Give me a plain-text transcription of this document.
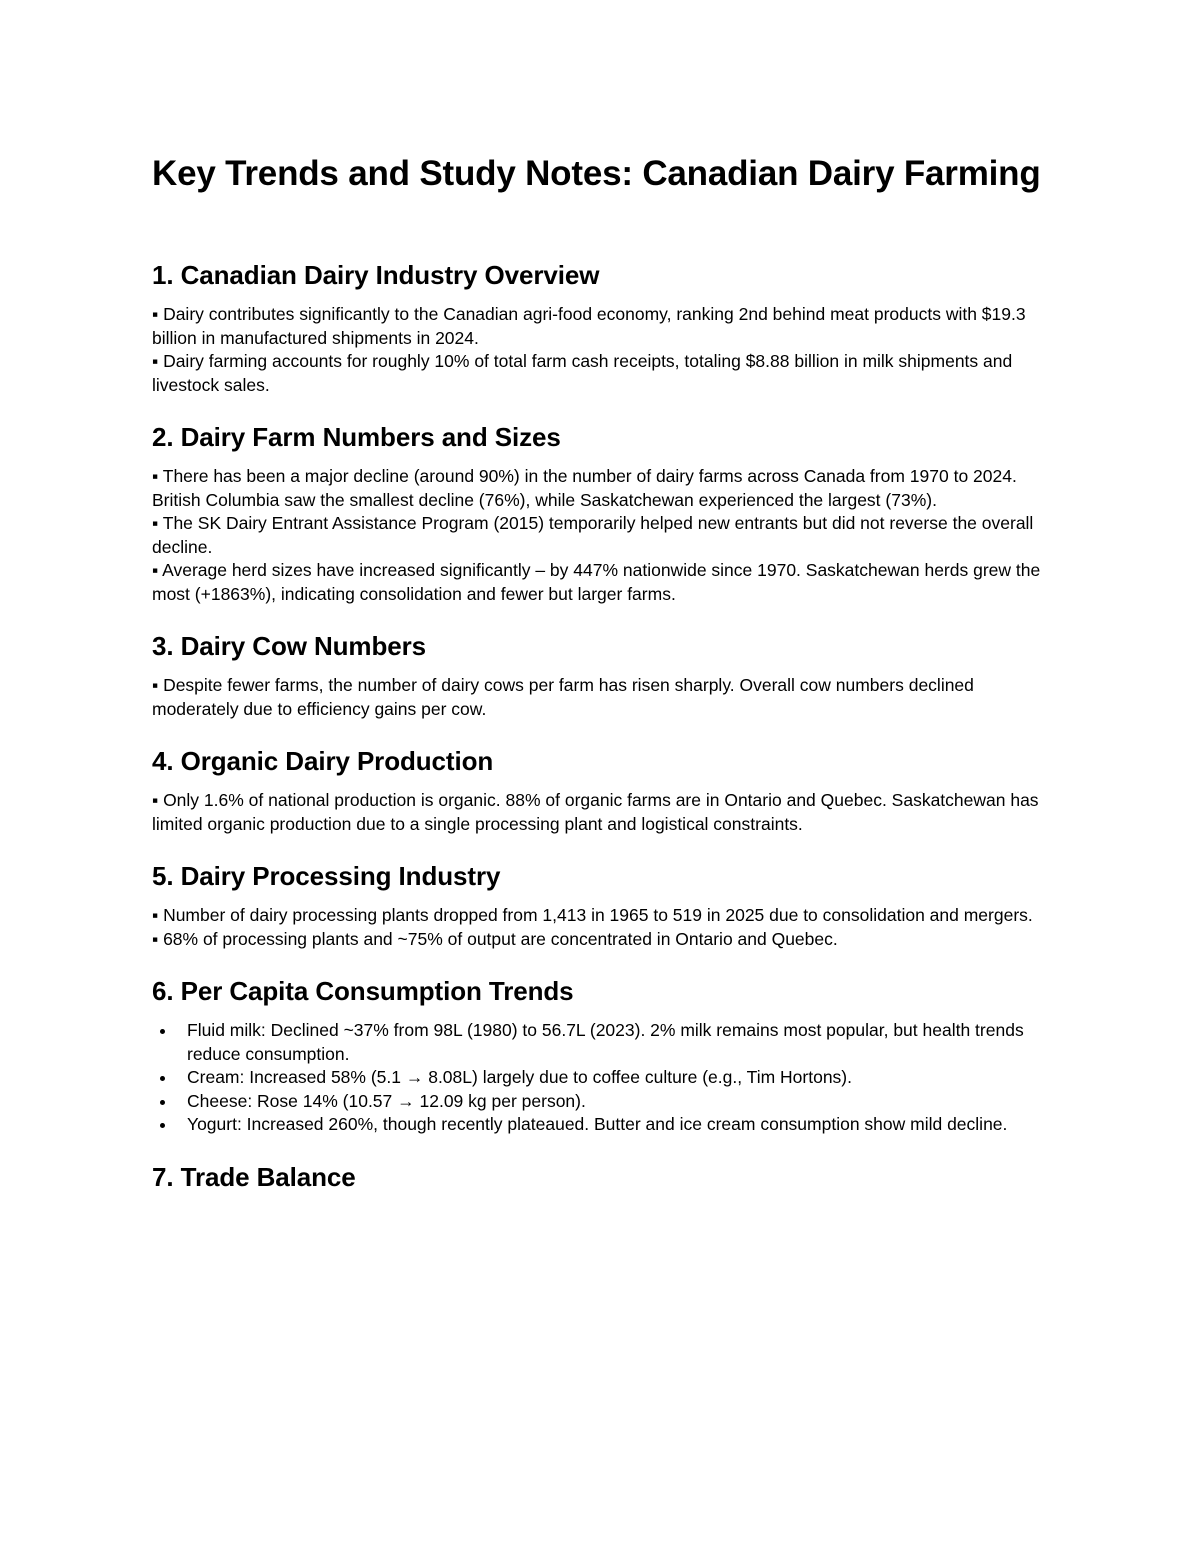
Key Trends and Study Notes: Canadian Dairy Farming
1. Canadian Dairy Industry Overview

▪ Dairy contributes significantly to the Canadian agri-food economy, ranking 2nd behind meat products with $19.3 billion in manufactured shipments in 2024.

▪ Dairy farming accounts for roughly 10% of total farm cash receipts, totaling $8.88 billion in milk shipments and livestock sales.

2. Dairy Farm Numbers and Sizes

▪ There has been a major decline (around 90%) in the number of dairy farms across Canada from 1970 to 2024. British Columbia saw the smallest decline (76%), while Saskatchewan experienced the largest (73%).

▪ The SK Dairy Entrant Assistance Program (2015) temporarily helped new entrants but did not reverse the overall decline.

▪ Average herd sizes have increased significantly – by 447% nationwide since 1970. Saskatchewan herds grew the most (+1863%), indicating consolidation and fewer but larger farms.

3. Dairy Cow Numbers

▪ Despite fewer farms, the number of dairy cows per farm has risen sharply. Overall cow numbers declined moderately due to efficiency gains per cow.

4. Organic Dairy Production

▪ Only 1.6% of national production is organic. 88% of organic farms are in Ontario and Quebec. Saskatchewan has limited organic production due to a single processing plant and logistical constraints.

5. Dairy Processing Industry

▪ Number of dairy processing plants dropped from 1,413 in 1965 to 519 in 2025 due to consolidation and mergers.

▪ 68% of processing plants and ~75% of output are concentrated in Ontario and Quebec.

6. Per Capita Consumption Trends
Fluid milk: Declined ~37% from 98L (1980) to 56.7L (2023). 2% milk remains most popular, but health trends reduce consumption.
Cream: Increased 58% (5.1 → 8.08L) largely due to coffee culture (e.g., Tim Hortons).
Cheese: Rose 14% (10.57 → 12.09 kg per person).
Yogurt: Increased 260%, though recently plateaued. Butter and ice cream consumption show mild decline.
7. Trade Balance
